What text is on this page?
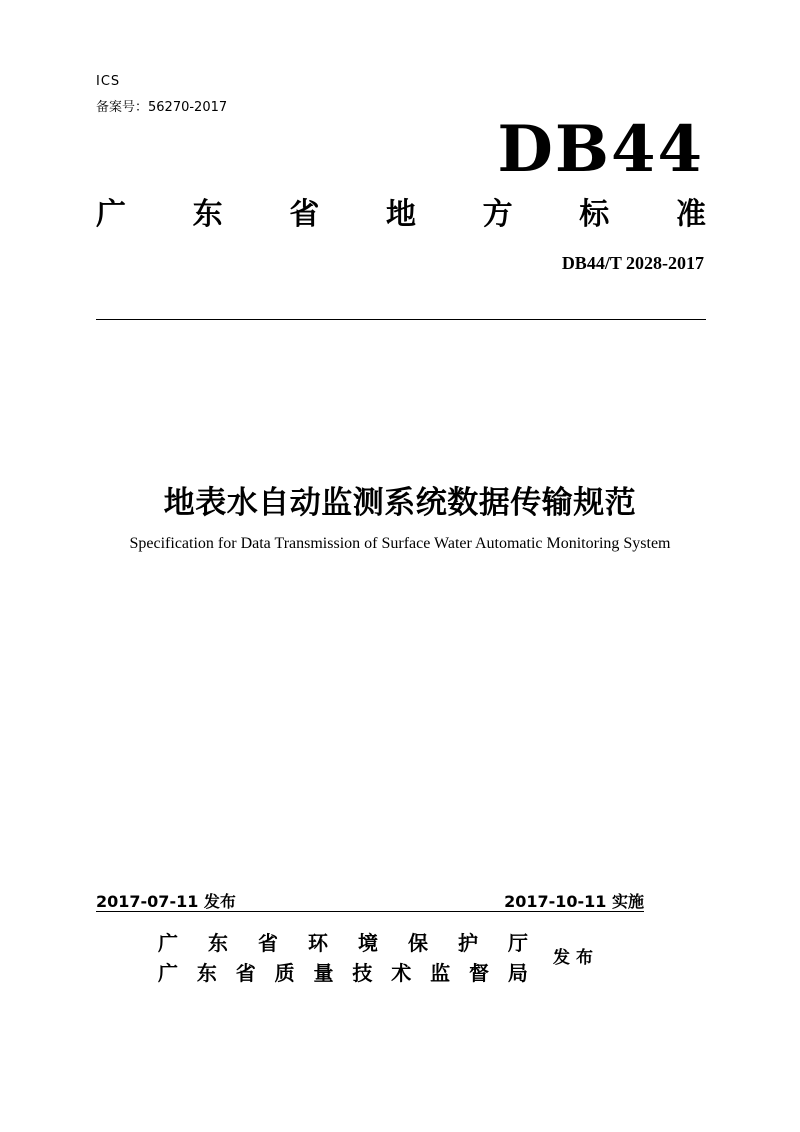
ICS
备案号：56270-2017
DB44
广 东 省 地 方 标 准
DB44/T 2028-2017
地表水自动监测系统数据传输规范
Specification for Data Transmission of Surface Water Automatic Monitoring System
2017-07-11 发布	2017-10-11 实施
广 东 省 环 境 保 护 厅
广 东 省 质 量 技 术 监 督 局
发布
